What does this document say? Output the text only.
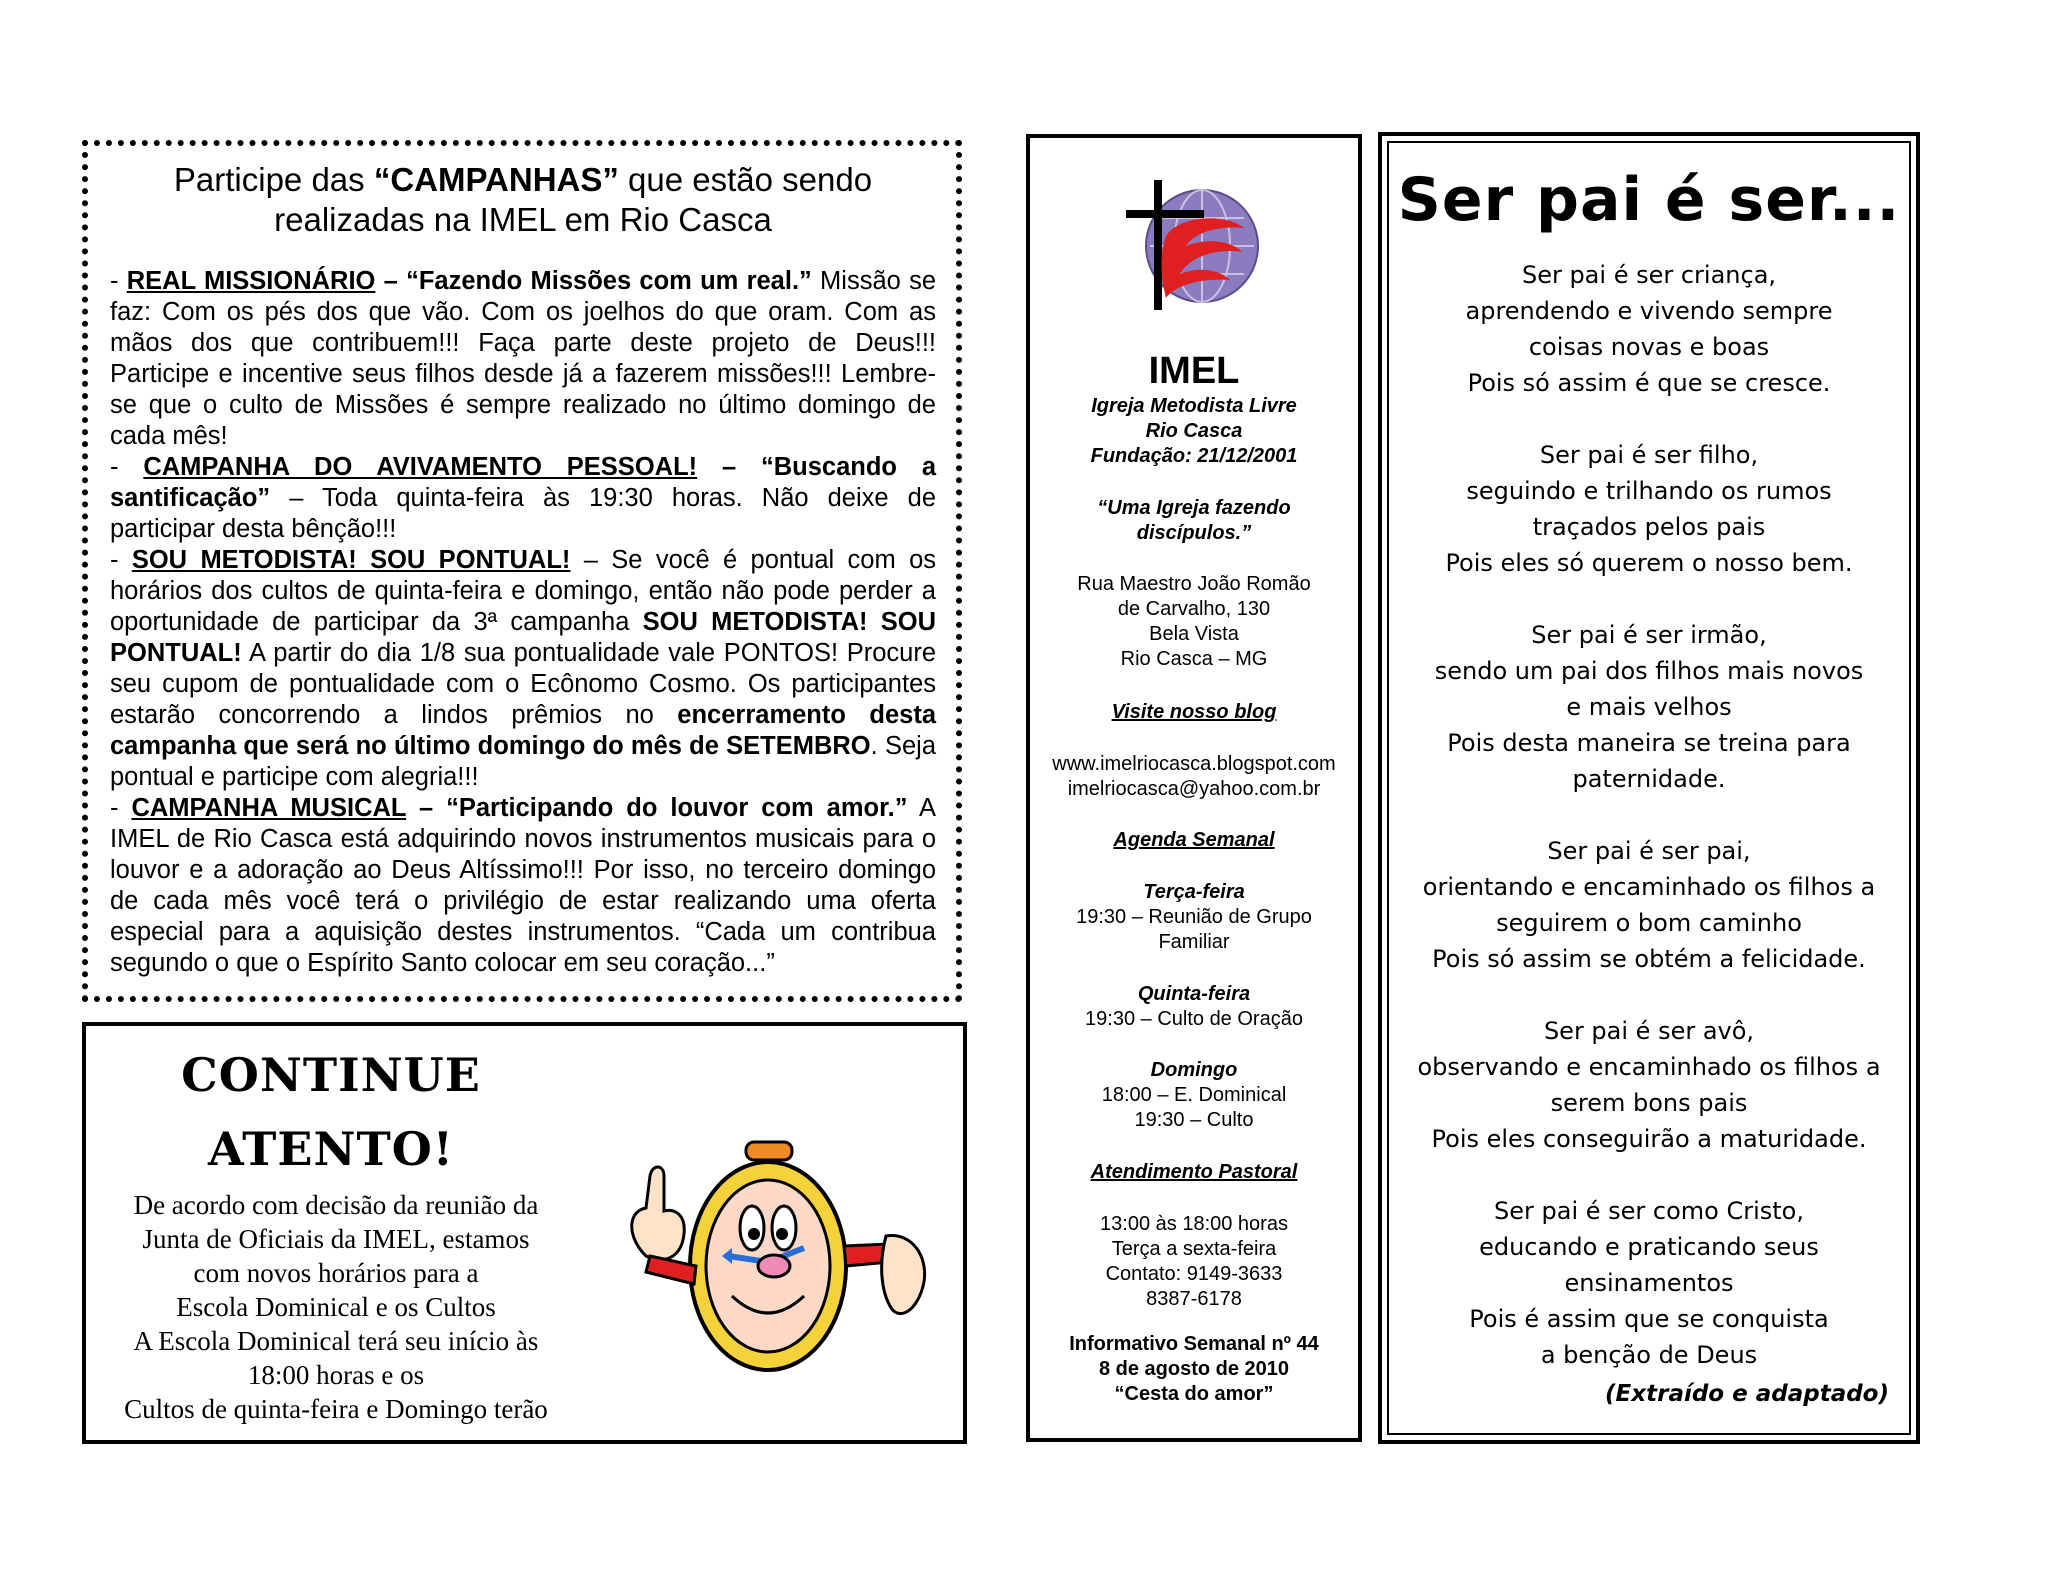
Participe das “CAMPANHAS” que estão sendo realizadas na IMEL em Rio Casca

- REAL MISSIONÁRIO – “Fazendo Missões com um real.” Missão se faz: Com os pés dos que vão. Com os joelhos do que oram. Com as mãos dos que contribuem!!! Faça parte deste projeto de Deus!!! Participe e incentive seus filhos desde já a fazerem missões!!! Lembre-se que o culto de Missões é sempre realizado no último domingo de cada mês!

- CAMPANHA DO AVIVAMENTO PESSOAL! – “Buscando a santificação” – Toda quinta-feira às 19:30 horas. Não deixe de participar desta bênção!!!

- SOU METODISTA! SOU PONTUAL! – Se você é pontual com os horários dos cultos de quinta-feira e domingo, então não pode perder a oportunidade de participar da 3ª campanha SOU METODISTA! SOU PONTUAL! A partir do dia 1/8 sua pontualidade vale PONTOS! Procure seu cupom de pontualidade com o Ecônomo Cosmo. Os participantes estarão concorrendo a lindos prêmios no encerramento desta campanha que será no último domingo do mês de SETEMBRO. Seja pontual e participe com alegria!!!

- CAMPANHA MUSICAL – “Participando do louvor com amor.” A IMEL de Rio Casca está adquirindo novos instrumentos musicais para o louvor e a adoração ao Deus Altíssimo!!! Por isso, no terceiro domingo de cada mês você terá o privilégio de estar realizando uma oferta especial para a aquisição destes instrumentos. “Cada um contribua segundo o que o Espírito Santo colocar em seu coração...”

CONTINUE
ATENTO!
De acordo com decisão da reunião da
Junta de Oficiais da IMEL, estamos
com novos horários para a
Escola Dominical e os Cultos
A Escola Dominical terá seu início às
18:00 horas e os
Cultos de quinta-feira e Domingo terão
IMEL
Igreja Metodista Livre
Rio Casca
Fundação: 21/12/2001
“Uma Igreja fazendo
discípulos.”
Rua Maestro João Romão
de Carvalho, 130
Bela Vista
Rio Casca – MG
Visite nosso blog
www.imelriocasca.blogspot.com
imelriocasca@yahoo.com.br
Agenda Semanal
Terça-feira
19:30 – Reunião de Grupo
Familiar
Quinta-feira
19:30 – Culto de Oração
Domingo
18:00 – E. Dominical
19:30 – Culto
Atendimento Pastoral
13:00 às 18:00 horas
Terça a sexta-feira
Contato: 9149-3633
8387-6178
Informativo Semanal nº 44
8 de agosto de 2010
“Cesta do amor”
Ser pai é ser...
Ser pai é ser criança,
aprendendo e vivendo sempre
coisas novas e boas
Pois só assim é que se cresce.
Ser pai é ser filho,
seguindo e trilhando os rumos
traçados pelos pais
Pois eles só querem o nosso bem.
Ser pai é ser irmão,
sendo um pai dos filhos mais novos
e mais velhos
Pois desta maneira se treina para
paternidade.
Ser pai é ser pai,
orientando e encaminhado os filhos a
seguirem o bom caminho
Pois só assim se obtém a felicidade.
Ser pai é ser avô,
observando e encaminhado os filhos a
serem bons pais
Pois eles conseguirão a maturidade.
Ser pai é ser como Cristo,
educando e praticando seus
ensinamentos
Pois é assim que se conquista
a benção de Deus
(Extraído e adaptado)
